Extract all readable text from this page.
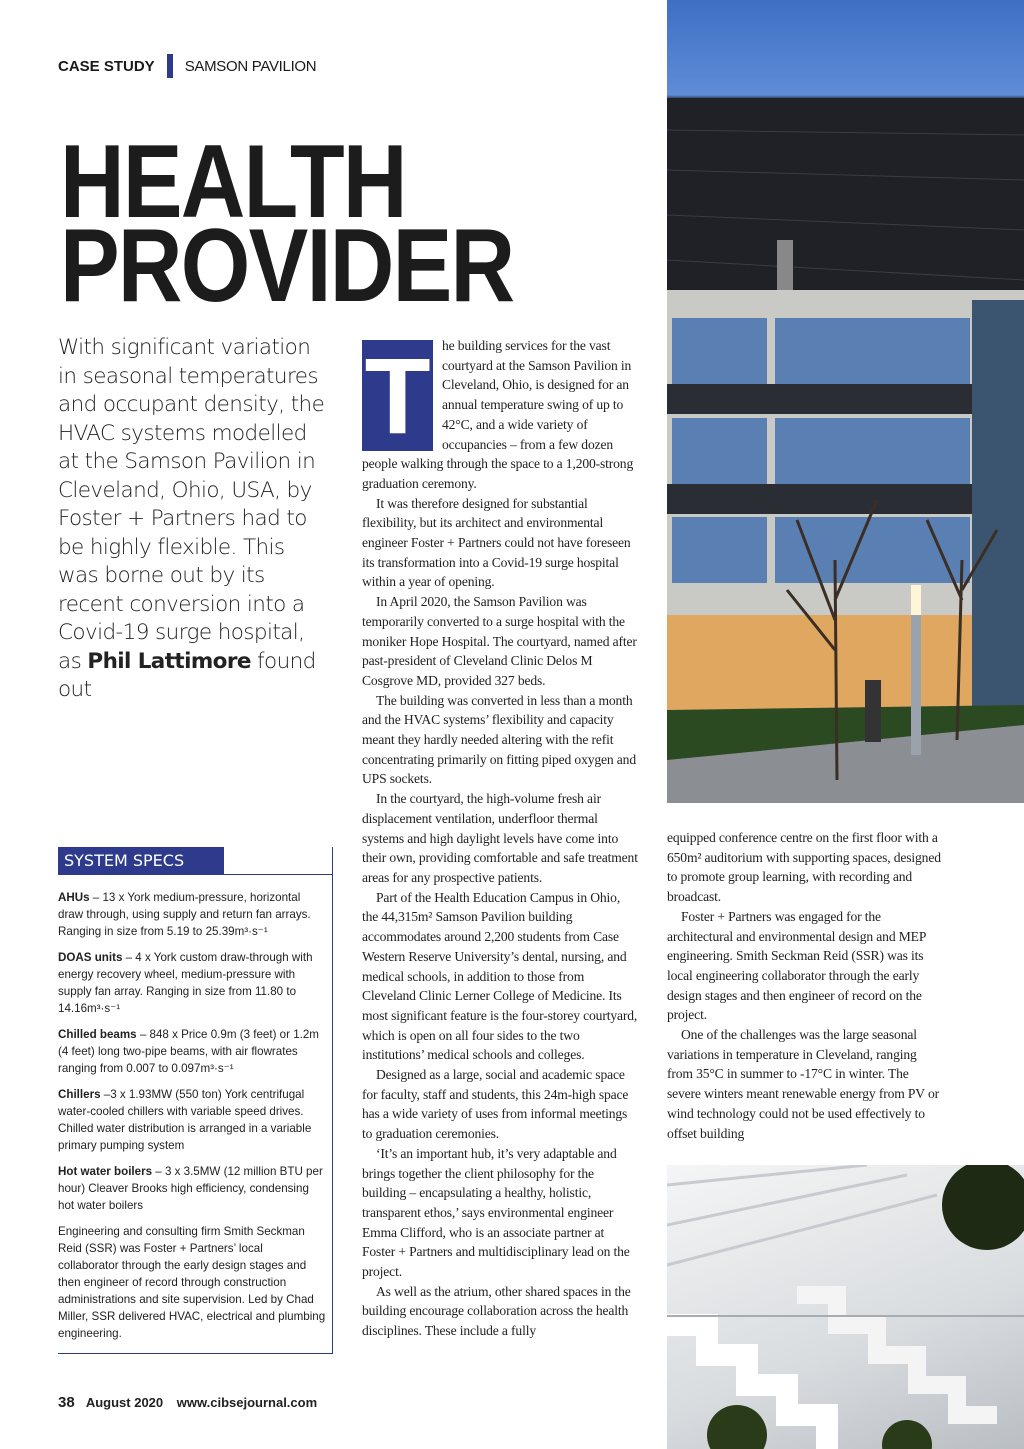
CASE STUDY SAMSON PAVILION
HEALTH
PROVIDER
With significant variation in seasonal temperatures and occupant density, the HVAC systems modelled at the Samson Pavilion in Cleveland, Ohio, USA, by Foster + Partners had to be highly flexible. This was borne out by its recent conversion into a Covid-19 surge hospital, as Phil Lattimore found out
T he building services for the vast courtyard at the Samson Pavilion in Cleveland, Ohio, is designed for an annual temperature swing of up to 42°C, and a wide variety of occupancies – from a few dozen people walking through the space to a 1,200-strong graduation ceremony.

It was therefore designed for substantial flexibility, but its architect and environmental engineer Foster + Partners could not have foreseen its transformation into a Covid-19 surge hospital within a year of opening.

In April 2020, the Samson Pavilion was temporarily converted to a surge hospital with the moniker Hope Hospital. The courtyard, named after past-president of Cleveland Clinic Delos M Cosgrove MD, provided 327 beds.

The building was converted in less than a month and the HVAC systems’ flexibility and capacity meant they hardly needed altering with the refit concentrating primarily on fitting piped oxygen and UPS sockets.

In the courtyard, the high-volume fresh air displacement ventilation, underfloor thermal systems and high daylight levels have come into their own, providing comfortable and safe treatment areas for any prospective patients.

Part of the Health Education Campus in Ohio, the 44,315m² Samson Pavilion building accommodates around 2,200 students from Case Western Reserve University’s dental, nursing, and medical schools, in addition to those from Cleveland Clinic Lerner College of Medicine. Its most significant feature is the four-storey courtyard, which is open on all four sides to the two institutions’ medical schools and colleges.

Designed as a large, social and academic space for faculty, staff and students, this 24m-high space has a wide variety of uses from informal meetings to graduation ceremonies.

‘It’s an important hub, it’s very adaptable and brings together the client philosophy for the building – encapsulating a healthy, holistic, transparent ethos,’ says environmental engineer Emma Clifford, who is an associate partner at Foster + Partners and multidisciplinary lead on the project.

As well as the atrium, other shared spaces in the building encourage collaboration across the health disciplines. These include a fully

equipped conference centre on the first floor with a 650m² auditorium with supporting spaces, designed to promote group learning, with recording and broadcast.

Foster + Partners was engaged for the architectural and environmental design and MEP engineering. Smith Seckman Reid (SSR) was its local engineering collaborator through the early design stages and then engineer of record on the project.

One of the challenges was the large seasonal variations in temperature in Cleveland, ranging from 35°C in summer to -17°C in winter. The severe winters meant renewable energy from PV or wind technology could not be used effectively to offset building

SYSTEM SPECS

AHUs – 13 x York medium-pressure, horizontal draw through, using supply and return fan arrays. Ranging in size from 5.19 to 25.39m³·s⁻¹

DOAS units – 4 x York custom draw-through with energy recovery wheel, medium-pressure with supply fan array. Ranging in size from 11.80 to 14.16m³·s⁻¹

Chilled beams – 848 x Price 0.9m (3 feet) or 1.2m (4 feet) long two-pipe beams, with air flowrates ranging from 0.007 to 0.097m³·s⁻¹

Chillers –3 x 1.93MW (550 ton) York centrifugal water-cooled chillers with variable speed drives. Chilled water distribution is arranged in a variable primary pumping system

Hot water boilers – 3 x 3.5MW (12 million BTU per hour) Cleaver Brooks high efficiency, condensing hot water boilers

Engineering and consulting firm Smith Seckman Reid (SSR) was Foster + Partners’ local collaborator through the early design stages and then engineer of record through construction administrations and site supervision. Led by Chad Miller, SSR delivered HVAC, electrical and plumbing engineering.

38 August 2020 www.cibsejournal.com
